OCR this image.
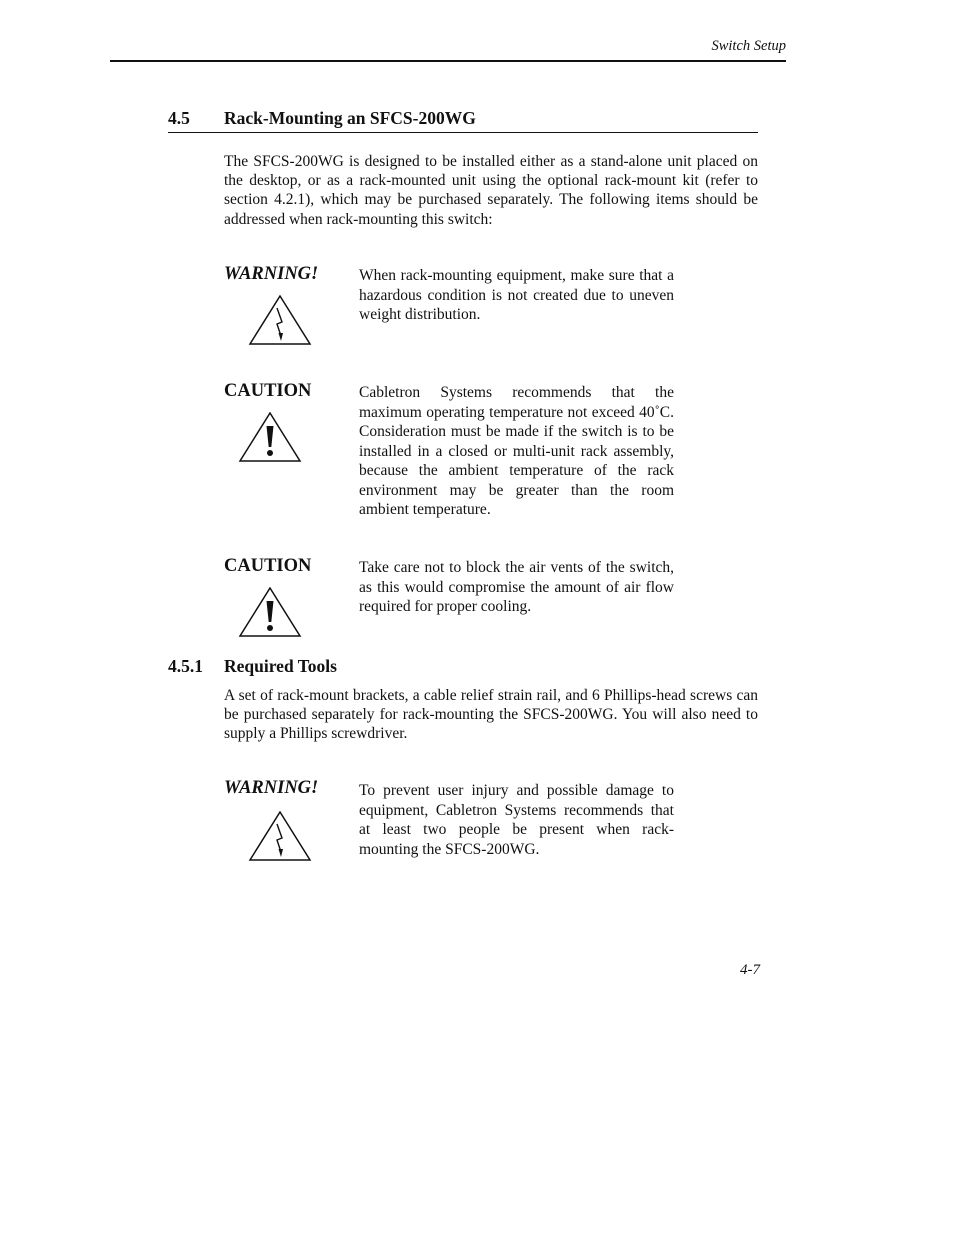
Switch Setup
4.5 Rack-Mounting an SFCS-200WG
The SFCS-200WG is designed to be installed either as a stand-alone unit placed on the desktop, or as a rack-mounted unit using the optional rack-mount kit (refer to section 4.2.1), which may be purchased separately. The following items should be addressed when rack-mounting this switch:
WARNING!	When rack-mounting equipment, make sure that a hazardous condition is not created due to uneven weight distribution.
CAUTION	Cabletron Systems recommends that the maximum operating temperature not exceed 40˚C. Consideration must be made if the switch is to be installed in a closed or multi-unit rack assembly, because the ambient temperature of the rack environment may be greater than the room ambient temperature.
CAUTION	Take care not to block the air vents of the switch, as this would compromise the amount of air flow required for proper cooling.
4.5.1 Required Tools
A set of rack-mount brackets, a cable relief strain rail, and 6 Phillips-head screws can be purchased separately for rack-mounting the SFCS-200WG. You will also need to supply a Phillips screwdriver.
WARNING!	To prevent user injury and possible damage to equipment, Cabletron Systems recommends that at least two people be present when rack-mounting the SFCS-200WG.
4-7
